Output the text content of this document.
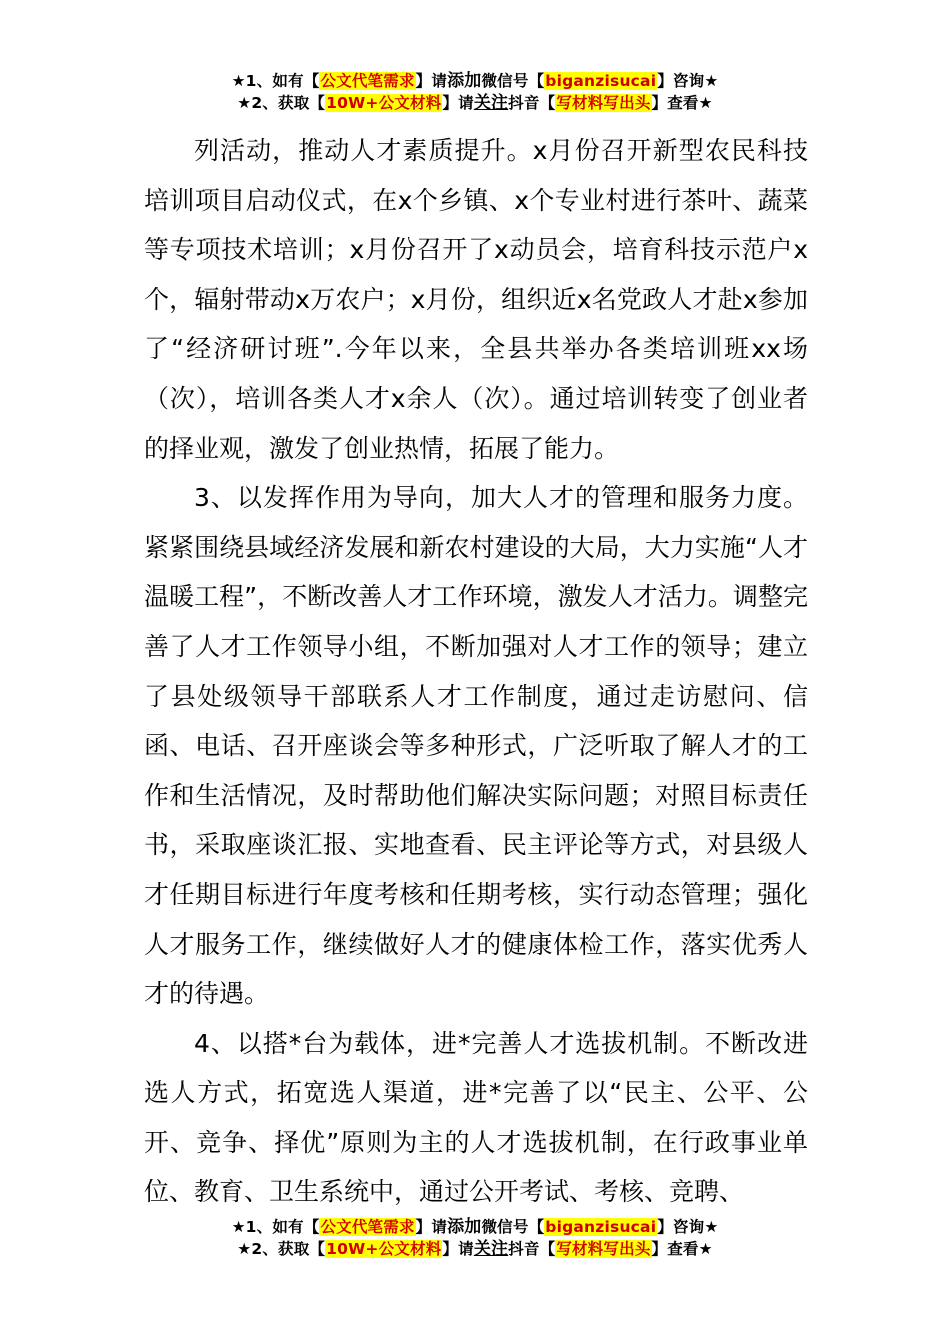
★1、如有【公文代笔需求】请添加微信号【biganzisucai】咨询★
★2、获取【10W+公文材料】请关注抖音【写材料写出头】查看★

列活动，推动人才素质提升。x月份召开新型农民科技培训项目启动仪式，在x个乡镇、x个专业村进行茶叶、蔬菜等专项技术培训；x月份召开了x动员会，培育科技示范户x个，辐射带动x万农户；x月份，组织近x名党政人才赴x参加了“经济研讨班”.今年以来，全县共举办各类培训班xx场（次），培训各类人才x余人（次）。通过培训转变了创业者的择业观，激发了创业热情，拓展了能力。

3、以发挥作用为导向，加大人才的管理和服务力度。紧紧围绕县域经济发展和新农村建设的大局，大力实施“人才温暖工程”，不断改善人才工作环境，激发人才活力。调整完善了人才工作领导小组，不断加强对人才工作的领导；建立了县处级领导干部联系人才工作制度，通过走访慰问、信函、电话、召开座谈会等多种形式，广泛听取了解人才的工作和生活情况，及时帮助他们解决实际问题；对照目标责任书，采取座谈汇报、实地查看、民主评论等方式，对县级人才任期目标进行年度考核和任期考核，实行动态管理；强化人才服务工作，继续做好人才的健康体检工作，落实优秀人才的待遇。

4、以搭*台为载体，进*完善人才选拔机制。不断改进选人方式，拓宽选人渠道，进*完善了以“民主、公平、公开、竞争、择优”原则为主的人才选拔机制，在行政事业单位、教育、卫生系统中，通过公开考试、考核、竞聘、

★1、如有【公文代笔需求】请添加微信号【biganzisucai】咨询★
★2、获取【10W+公文材料】请关注抖音【写材料写出头】查看★
